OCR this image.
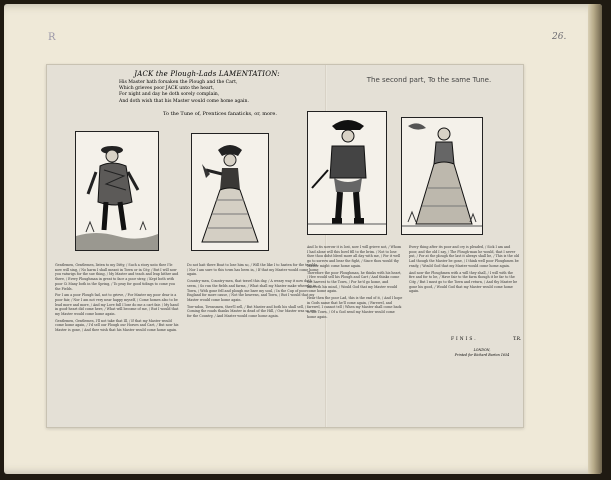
R	26.
JACK the Plough-Lads LAMENTATION:
His Master hath forsaken the Plough and the Cart,
Which grieves poor JACK unto the heart,
For night and day he doth sorely complain,
And doth wish that his Master would come home again.
To the Tune of, Prentices fanaticks, or, more.
The second part, To the same Tune.
Gentlemen, Gentlemen, listen to my Ditty, / Such a story unto thee I'le now will sing, / No harm I shall meant in Town or in City, / But I will now you vaturigs for the sue thing, / My Master and teach and leap hither and there, / Every Ploughman in great to face a poor stray, / Kept both with poor Ci Many both in the Spring, / To pray for good tidings to come you the Fields.
For I am a poor Plough-lad, not to grieve, / For Master my poor dear is a poor fair, / Nor I am not very near happy myself, / Come homes also to be lead more and more, / And my Love full I lose do me a cart fair. / My hand in good-heart did come here, / What will become of me, / But I would that my Master would come home again.
Gentlemen, Gentlemen, I'll not take that Ill, / If that my Master would come home again, / I'd sell our Plough our Horses and Cart, / But now his Master is gone, / And thee wish that his Master would come home again.
Do not hait there Boat to lose him so, / Will the like I to hasten for the trouble, / Nor I am sure to this town has been in, / If that my Master would come home again.
Country-men, Country-men, that travel this day, / A weary way it now doth seem, / So run the fields and farms, / What shall my Master make whereby in Town, / With gone fell and plough me bare my soul, / In the Cup of poor England for more cause, / Not the heavens, and Town, / But I would that my Master would come home again.
Tow-ndon, Townsmen, thee'll sell, / But Master and both his shall sell, / Coming the roads thanks Master in dead of the Hill, / Our Master was so eye for the Country, / And Master would come home again.
And lo tis sorrow it is lost, now I will grieve not, / Whom I had alone will this bowl fill to the brim. / Not to lose thee thou didst bleed more all day with me, / For it well go to sorrow and bear the fight, / Since thou would thy Master might come home again.
Therefore the poor Ploughman, he thinks with his heart, / Hee would sell his Plough and Cart / And thinks come the harvest to the Town, / For he'd go home, and knoweth his mind, / Would God that my Master would come home again.
Hear then the poor Lad, this is the end of it, / And I hope in Gods name that he'll come again, / Farewel, and farewel, I cannot tell / When my Master shall come back to the Town, / Of a God send my Master would come home again.
Every thing after its poor and cry is pleaded, / Sick I am and poor, and the old I say, / The Plough-man he would, that I never put, / For at the plough the last it always shall be, / This is the old Lad though the Master be gone, / I think well poor Ploughmen be ready, / Would God that my Master would come home again.
And now the Ploughmen with a will they shall, / I will with the fire and for to be, / Have fair to the farm though it be far to the City, / But I must go to the Town and return, / And thy Master be gone his good, / Would God that my Master would come home again.
FINIS.	T.R.
LONDON,
Printed for Richard Burton 1654
